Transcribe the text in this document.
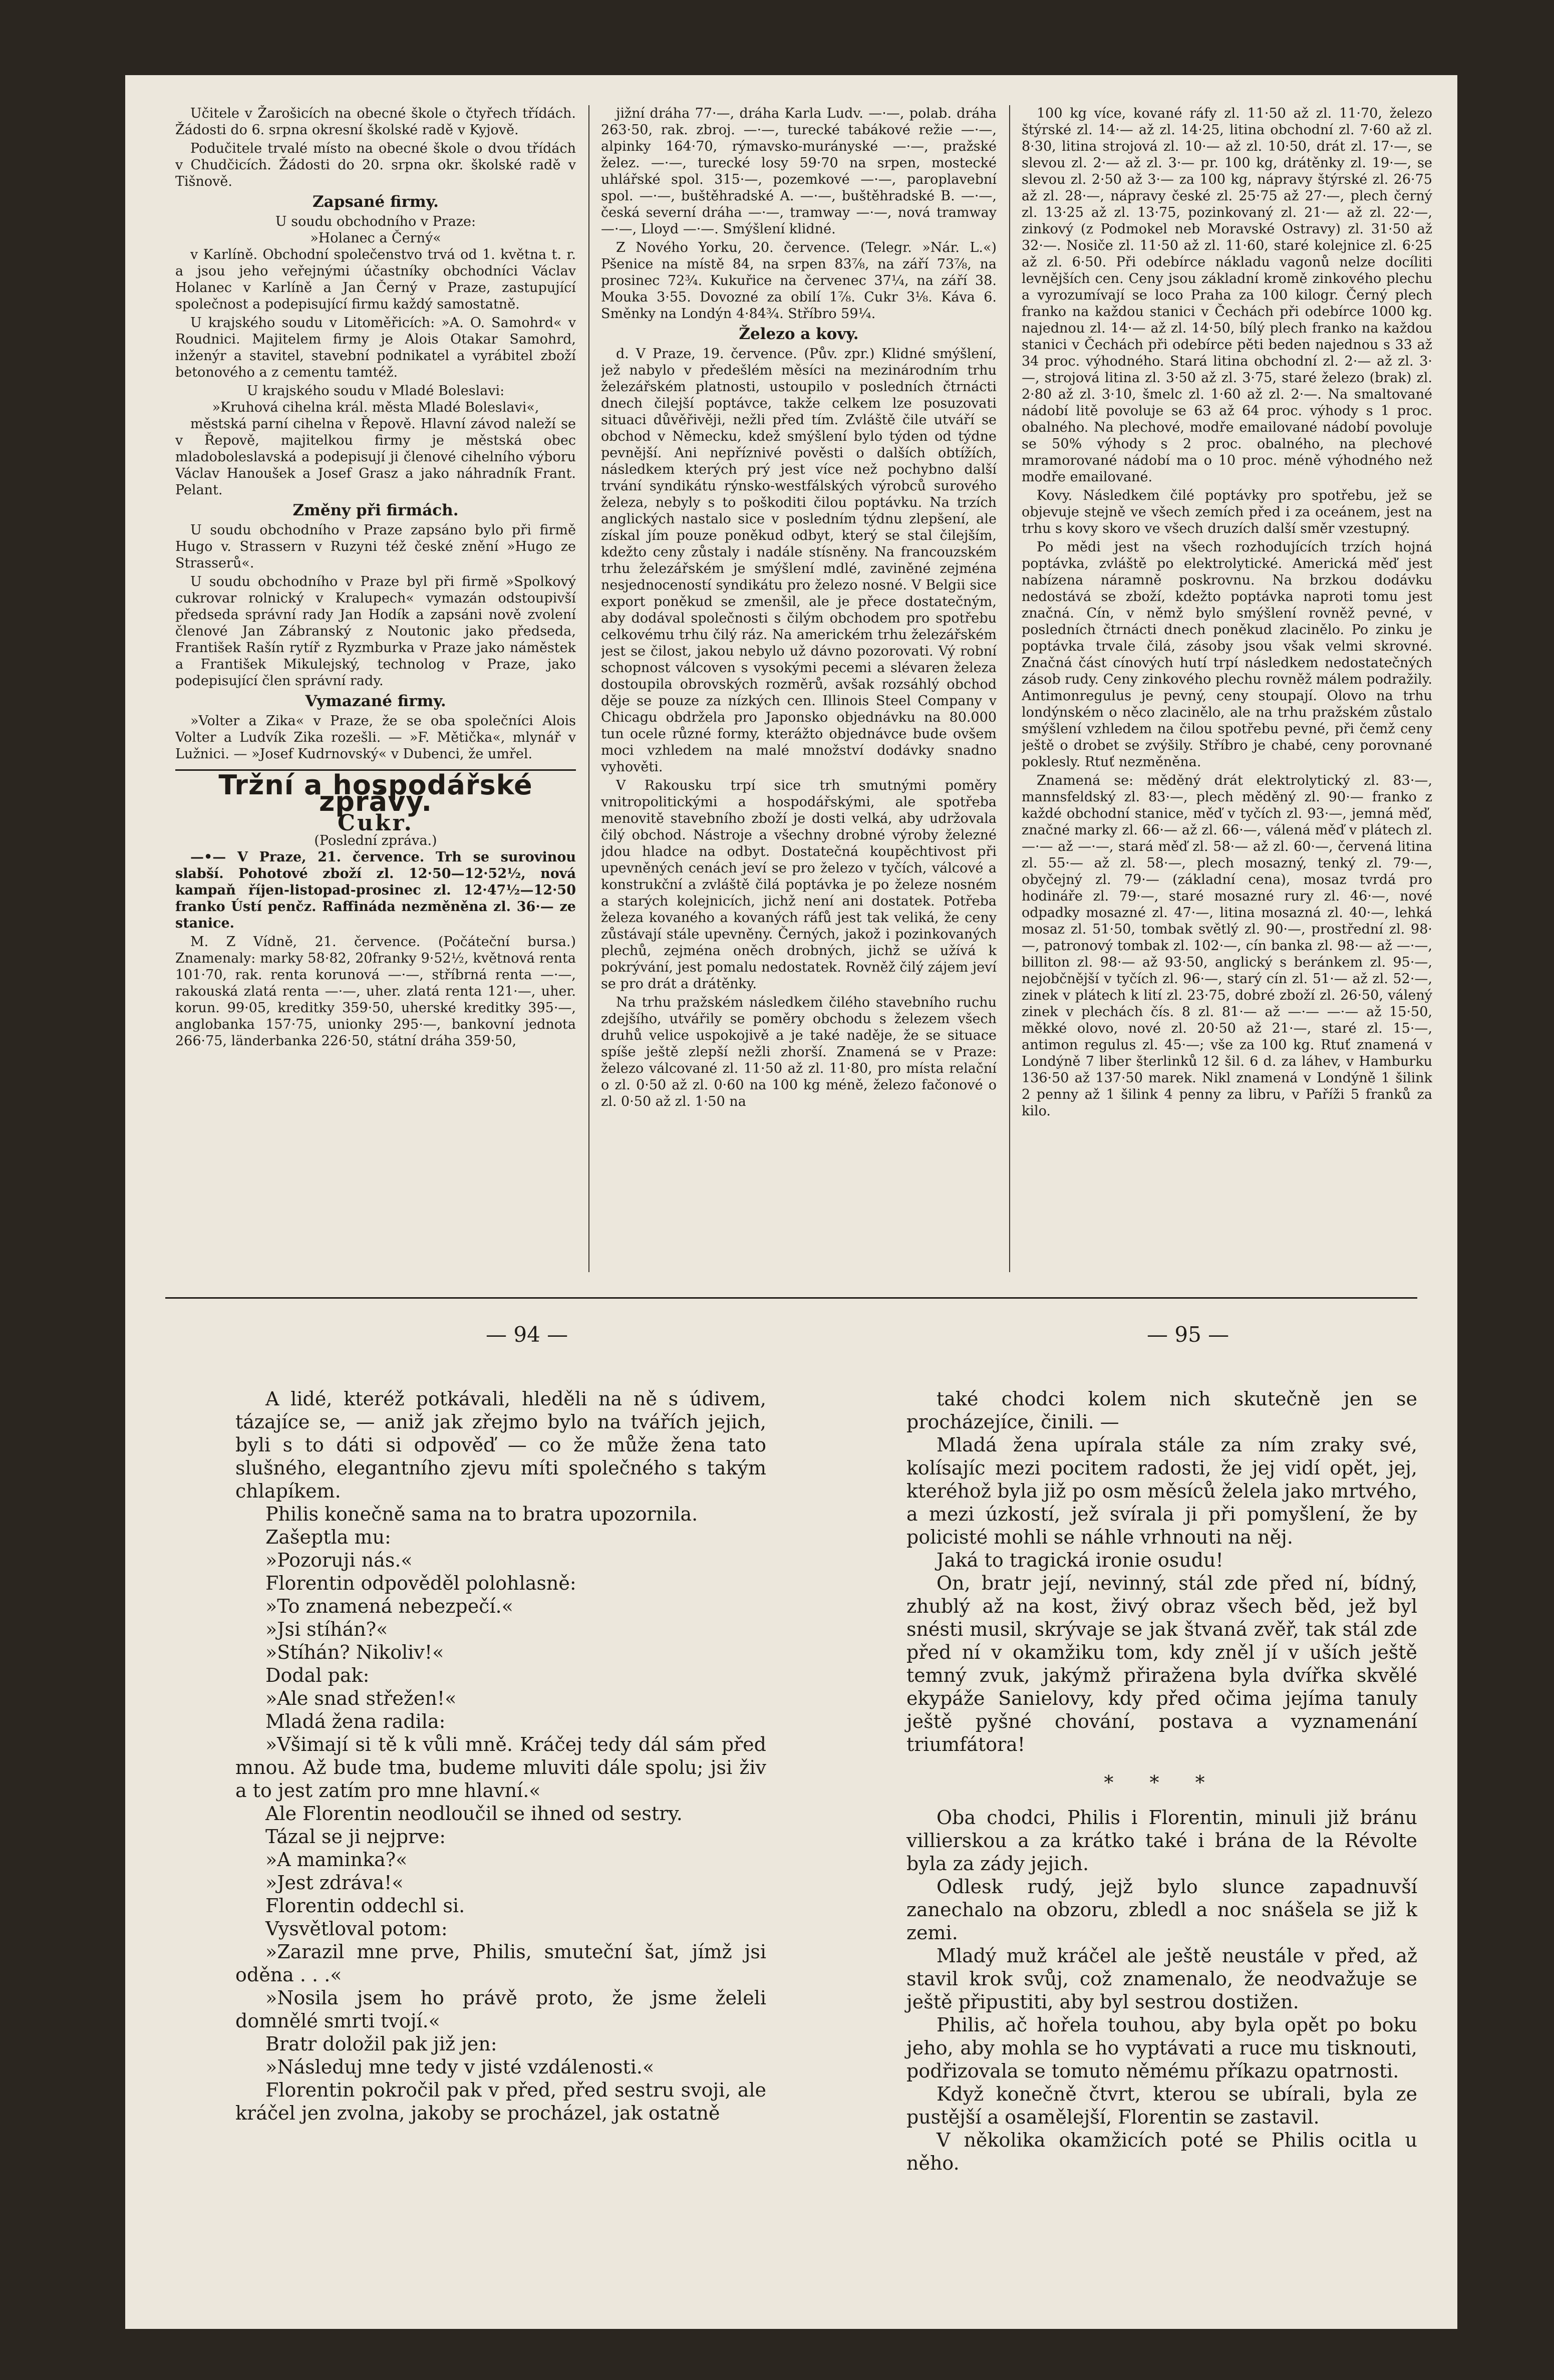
Učitele v Žarošicích na obecné škole o čtyřech třídách. Žádosti do 6. srpna okresní školské radě v Kyjově.

Podučitele trvalé místo na obecné škole o dvou třídách v Chudčicích. Žádosti do 20. srpna okr. školské radě v Tišnově.

Zapsané firmy.

U soudu obchodního v Praze:

»Holanec a Černý«

v Karlíně. Obchodní společenstvo trvá od 1. května t. r. a jsou jeho veřejnými účastníky obchodníci Václav Holanec v Karlíně a Jan Černý v Praze, zastupující společnost a podepisující firmu každý samostatně.

U krajského soudu v Litoměřicích: »A. O. Samohrd« v Roudnici. Majitelem firmy je Alois Otakar Samohrd, inženýr a stavitel, stavební podnikatel a vyrábitel zboží betonového a z cementu tamtéž.

U krajského soudu v Mladé Boleslavi:

»Kruhová cihelna král. města Mladé Boleslavi«,

městská parní cihelna v Řepově. Hlavní závod naleží se v Řepově, majitelkou firmy je městská obec mladoboleslavská a podepisují ji členové cihelního výboru Václav Hanoušek a Josef Grasz a jako náhradník Frant. Pelant.

Změny při firmách.

U soudu obchodního v Praze zapsáno bylo při firmě Hugo v. Strassern v Ruzyni též české znění »Hugo ze Strasserů«.

U soudu obchodního v Praze byl při firmě »Spolkový cukrovar rolnický v Kralupech« vymazán odstoupivší předseda správní rady Jan Hodík a zapsáni nově zvolení členové Jan Zábranský z Noutonic jako předseda, František Rašín rytíř z Ryzmburka v Praze jako náměstek a František Mikulejský, technolog v Praze, jako podepisující člen správní rady.

Vymazané firmy.

»Volter a Zika« v Praze, že se oba společníci Alois Volter a Ludvík Zika rozešli. — »F. Mětička«, mlynář v Lužnici. — »Josef Kudrnovský« v Dubenci, že umřel.

Tržní a hospodářské zprávy.
Cukr.

(Poslední zpráva.)

—•— V Praze, 21. července. Trh se surovinou slabší. Pohotové zboží zl. 12·50—12·52½, nová kampaň říjen-listopad-prosinec zl. 12·47½—12·50 franko Ústí penčz. Raffináda nezměněna zl. 36·— ze stanice.

M. Z Vídně, 21. července. (Počáteční bursa.) Znamenaly: marky 58·82, 20franky 9·52½, květnová renta 101·70, rak. renta korunová —·—, stříbrná renta —·—, rakouská zlatá renta —·—, uher. zlatá renta 121·—, uher. korun. 99·05, kreditky 359·50, uherské kreditky 395·—, anglobanka 157·75, unionky 295·—, bankovní jednota 266·75, länderbanka 226·50, státní dráha 359·50,

jižní dráha 77·—, dráha Karla Ludv. —·—, polab. dráha 263·50, rak. zbroj. —·—, turecké tabákové režie —·—, alpinky 164·70, rýmavsko-murányské —·—, pražské želez. —·—, turecké losy 59·70 na srpen, mostecké uhlářské spol. 315·—, pozemkové —·—, paroplavební spol. —·—, buštěhradské A. —·—, buštěhradské B. —·—, česká severní dráha —·—, tramway —·—, nová tramway —·—, Lloyd —·—. Smýšlení klidné.

Z Nového Yorku, 20. července. (Telegr. »Nár. L.«) Pšenice na místě 84, na srpen 83⅞, na září 73⅞, na prosinec 72¾. Kukuřice na červenec 37¼, na září 38. Mouka 3·55. Dovozné za obilí 1⅞. Cukr 3⅛. Káva 6. Směnky na Londýn 4·84¾. Stříbro 59¼.

Železo a kovy.

d. V Praze, 19. července. (Pův. zpr.) Klidné smýšlení, jež nabylo v předešlém měsíci na mezinárodním trhu železářském platnosti, ustoupilo v posledních čtrnácti dnech čilejší poptávce, takže celkem lze posuzovati situaci důvěřivěji, nežli před tím. Zvláště čile utváří se obchod v Německu, kdež smýšlení bylo týden od týdne pevnější. Ani nepříznivé pověsti o dalších obtížích, následkem kterých prý jest více než pochybno další trvání syndikátu rýnsko-westfálských výrobců surového železa, nebyly s to poškoditi čilou poptávku. Na trzích anglických nastalo sice v posledním týdnu zlepšení, ale získal jím pouze poněkud odbyt, který se stal čilejším, kdežto ceny zůstaly i nadále stísněny. Na francouzském trhu železářském je smýšlení mdlé, zaviněné zejména nesjednoceností syndikátu pro železo nosné. V Belgii sice export poněkud se zmenšil, ale je přece dostatečným, aby dodával společnosti s čilým obchodem pro spotřebu celkovému trhu čilý ráz. Na americkém trhu železářském jest se čilost, jakou nebylo už dávno pozorovati. Vý robní schopnost válcoven s vysokými pecemi a slévaren železa dostoupila obrovských rozměrů, avšak rozsáhlý obchod děje se pouze za nízkých cen. Illinois Steel Company v Chicagu obdržela pro Japonsko objednávku na 80.000 tun ocele různé formy, kterážto objednávce bude ovšem moci vzhledem na malé množství dodávky snadno vyhověti.

V Rakousku trpí sice trh smutnými poměry vnitropolitickými a hospodářskými, ale spotřeba menovitě stavebního zboží je dosti velká, aby udržovala čilý obchod. Nástroje a všechny drobné výroby železné jdou hladce na odbyt. Dostatečná koupěchtivost při upevněných cenách jeví se pro železo v tyčích, válcové a konstrukční a zvláště čilá poptávka je po železe nosném a starých kolejnicích, jichž není ani dostatek. Potřeba železa kovaného a kovaných ráfů jest tak veliká, že ceny zůstávají stále upevněny. Černých, jakož i pozinkovaných plechů, zejména oněch drobných, jichž se užívá k pokrývání, jest pomalu nedostatek. Rovněž čilý zájem jeví se pro drát a drátěnky.

Na trhu pražském následkem čilého stavebního ruchu zdejšího, utvářily se poměry obchodu s železem všech druhů velice uspokojivě a je také naděje, že se situace spíše ještě zlepší nežli zhorší. Znamená se v Praze: železo válcované zl. 11·50 až zl. 11·80, pro místa relační o zl. 0·50 až zl. 0·60 na 100 kg méně, železo fačonové o zl. 0·50 až zl. 1·50 na

100 kg více, kované ráfy zl. 11·50 až zl. 11·70, železo štýrské zl. 14·— až zl. 14·25, litina obchodní zl. 7·60 až zl. 8·30, litina strojová zl. 10·— až zl. 10·50, drát zl. 17·—, se slevou zl. 2·— až zl. 3·— pr. 100 kg, drátěnky zl. 19·—, se slevou zl. 2·50 až 3·— za 100 kg, nápravy štýrské zl. 26·75 až zl. 28·—, nápravy české zl. 25·75 až 27·—, plech černý zl. 13·25 až zl. 13·75, pozinkovaný zl. 21·— až zl. 22·—, zinkový (z Podmokel neb Moravské Ostravy) zl. 31·50 až 32·—. Nosiče zl. 11·50 až zl. 11·60, staré kolejnice zl. 6·25 až zl. 6·50. Při odebírce nákladu vagonů nelze docíliti levnějších cen. Ceny jsou základní kromě zinkového plechu a vyrozumívají se loco Praha za 100 kilogr. Černý plech franko na každou stanici v Čechách při odebírce 1000 kg. najednou zl. 14·— až zl. 14·50, bílý plech franko na každou stanici v Čechách při odebírce pěti beden najednou s 33 až 34 proc. výhodného. Stará litina obchodní zl. 2·— až zl. 3·—, strojová litina zl. 3·50 až zl. 3·75, staré železo (brak) zl. 2·80 až zl. 3·10, šmelc zl. 1·60 až zl. 2·—. Na smaltované nádobí litě povoluje se 63 až 64 proc. výhody s 1 proc. obalného. Na plechové, modře emailované nádobí povoluje se 50% výhody s 2 proc. obalného, na plechové mramorované nádobí ma o 10 proc. méně výhodného než modře emailované.

Kovy. Následkem čilé poptávky pro spotřebu, jež se objevuje stejně ve všech zemích před i za oceánem, jest na trhu s kovy skoro ve všech druzích další směr vzestupný.

Po mědi jest na všech rozhodujících trzích hojná poptávka, zvláště po elektrolytické. Americká měď jest nabízena náramně poskrovnu. Na brzkou dodávku nedostává se zboží, kdežto poptávka naproti tomu jest značná. Cín, v němž bylo smýšlení rovněž pevné, v posledních čtrnácti dnech poněkud zlacinělo. Po zinku je poptávka trvale čilá, zásoby jsou však velmi skrovné. Značná část cínových hutí trpí následkem nedostatečných zásob rudy. Ceny zinkového plechu rovněž málem podražily. Antimonregulus je pevný, ceny stoupají. Olovo na trhu londýnském o něco zlacinělo, ale na trhu pražském zůstalo smýšlení vzhledem na čilou spotřebu pevné, při čemž ceny ještě o drobet se zvýšily. Stříbro je chabé, ceny porovnané poklesly. Rtuť nezměněna.

Znamená se: měděný drát elektrolytický zl. 83·—, mannsfeldský zl. 83·—, plech měděný zl. 90·— franko z každé obchodní stanice, měď v tyčích zl. 93·—, jemná měď, značné marky zl. 66·— až zl. 66·—, válená měď v plátech zl. —·— až —·—, stará měď zl. 58·— až zl. 60·—, červená litina zl. 55·— až zl. 58·—, plech mosazný, tenký zl. 79·—, obyčejný zl. 79·— (základní cena), mosaz tvrdá pro hodináře zl. 79·—, staré mosazné rury zl. 46·—, nové odpadky mosazné zl. 47·—, litina mosazná zl. 40·—, lehká mosaz zl. 51·50, tombak světlý zl. 90·—, prostřední zl. 98·—, patronový tombak zl. 102·—, cín banka zl. 98·— až —·—, billiton zl. 98·— až 93·50, anglický s beránkem zl. 95·—, nejobčnější v tyčích zl. 96·—, starý cín zl. 51·— až zl. 52·—, zinek v plátech k lití zl. 23·75, dobré zboží zl. 26·50, válený zinek v plechách čís. 8 zl. 81·— až —·— —·— až 15·50, měkké olovo, nové zl. 20·50 až 21·—, staré zl. 15·—, antimon regulus zl. 45·—; vše za 100 kg. Rtuť znamená v Londýně 7 liber šterlinků 12 šil. 6 d. za láhev, v Hamburku 136·50 až 137·50 marek. Nikl znamená v Londýně 1 šilink 2 penny až 1 šilink 4 penny za libru, v Paříži 5 franků za kilo.

— 94 —	— 95 —

A lidé, kteréž potkávali, hleděli na ně s údivem, tázajíce se, — aniž jak zřejmo bylo na tvářích jejich, byli s to dáti si odpověď — co že může žena tato slušného, elegantního zjevu míti společného s takým chlapíkem.

Philis konečně sama na to bratra upozornila.

Zašeptla mu:

»Pozoruji nás.«

Florentin odpověděl polohlasně:

»To znamená nebezpečí.«

»Jsi stíhán?«

»Stíhán? Nikoliv!«

Dodal pak:

»Ale snad střežen!«

Mladá žena radila:

»Všimají si tě k vůli mně. Kráčej tedy dál sám před mnou. Až bude tma, budeme mluviti dále spolu; jsi živ a to jest zatím pro mne hlavní.«

Ale Florentin neodloučil se ihned od sestry.

Tázal se ji nejprve:

»A maminka?«

»Jest zdráva!«

Florentin oddechl si.

Vysvětloval potom:

»Zarazil mne prve, Philis, smuteční šat, jímž jsi oděna . . .«

»Nosila jsem ho právě proto, že jsme želeli domnělé smrti tvojí.«

Bratr doložil pak již jen:

»Následuj mne tedy v jisté vzdálenosti.«

Florentin pokročil pak v před, před sestru svoji, ale kráčel jen zvolna, jakoby se procházel, jak ostatně

také chodci kolem nich skutečně jen se procházejíce, činili. —

Mladá žena upírala stále za ním zraky své, kolísajíc mezi pocitem radosti, že jej vidí opět, jej, kteréhož byla již po osm měsíců želela jako mrtvého, a mezi úzkostí, jež svírala ji při pomyšlení, že by policisté mohli se náhle vrhnouti na něj.

Jaká to tragická ironie osudu!

On, bratr její, nevinný, stál zde před ní, bídný, zhublý až na kost, živý obraz všech běd, jež byl snésti musil, skrývaje se jak štvaná zvěř, tak stál zde před ní v okamžiku tom, kdy zněl jí v uších ještě temný zvuk, jakýmž přiražena byla dvířka skvělé ekypáže Sanielovy, kdy před očima jejíma tanuly ještě pyšné chování, postava a vyznamenání triumfátora!

* * *

Oba chodci, Philis i Florentin, minuli již bránu villierskou a za krátko také i brána de la Révolte byla za zády jejich.

Odlesk rudý, jejž bylo slunce zapadnuvší zanechalo na obzoru, zbledl a noc snášela se již k zemi.

Mladý muž kráčel ale ještě neustále v před, až stavil krok svůj, což znamenalo, že neodvažuje se ještě připustiti, aby byl sestrou dostižen.

Philis, ač hořela touhou, aby byla opět po boku jeho, aby mohla se ho vyptávati a ruce mu tisknouti, podřizovala se tomuto němému příkazu opatrnosti.

Když konečně čtvrt, kterou se ubírali, byla ze pustější a osamělejší, Florentin se zastavil.

V několika okamžicích poté se Philis ocitla u něho.
